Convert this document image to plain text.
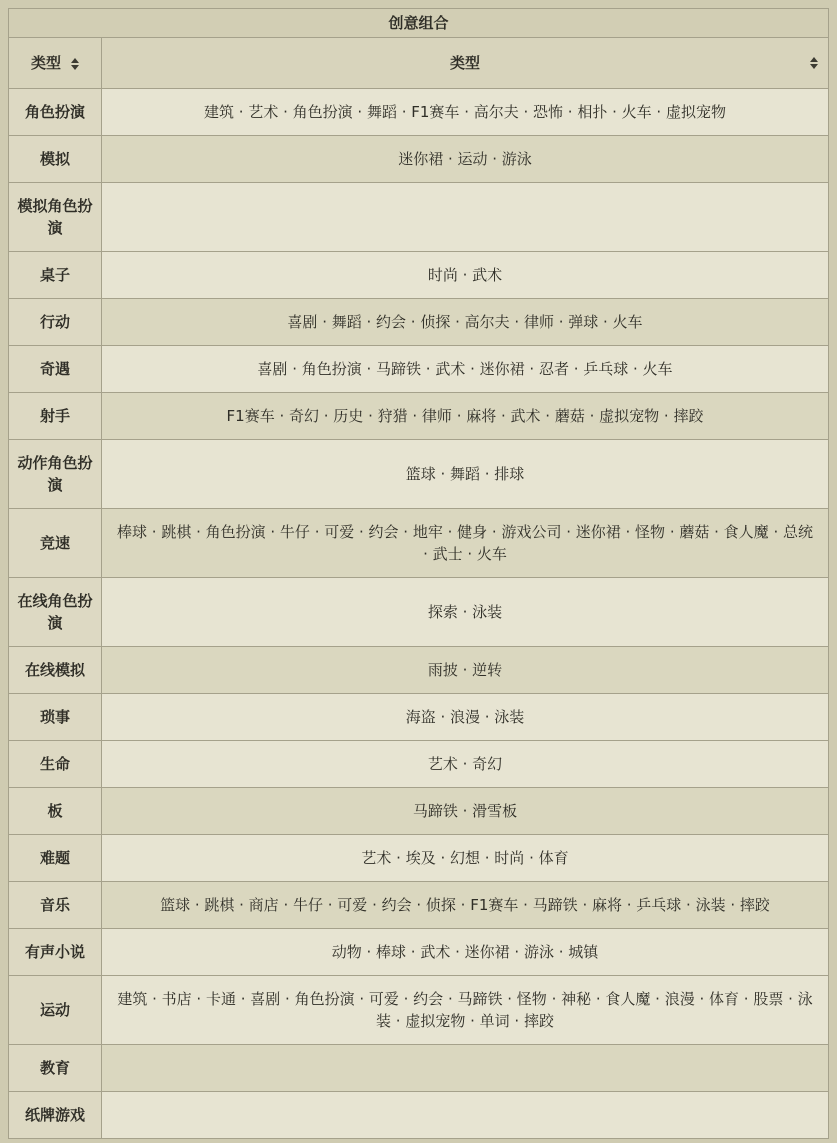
创意组合	
类型	类型

角色扮演	建筑 · 艺术 · 角色扮演 · 舞蹈 · F1赛车 · 高尔夫 · 恐怖 · 相扑 · 火车 · 虚拟宠物
模拟	迷你裙 · 运动 · 游泳
模拟角色扮演	
桌子	时尚 · 武术
行动	喜剧 · 舞蹈 · 约会 · 侦探 · 高尔夫 · 律师 · 弹球 · 火车
奇遇	喜剧 · 角色扮演 · 马蹄铁 · 武术 · 迷你裙 · 忍者 · 乒乓球 · 火车
射手	F1赛车 · 奇幻 · 历史 · 狩猎 · 律师 · 麻将 · 武术 · 蘑菇 · 虚拟宠物 · 摔跤
动作角色扮演	篮球 · 舞蹈 · 排球
竞速	棒球 · 跳棋 · 角色扮演 · 牛仔 · 可爱 · 约会 · 地牢 · 健身 · 游戏公司 · 迷你裙 · 怪物 · 蘑菇 · 食人魔 · 总统 · 武士 · 火车
在线角色扮演	探索 · 泳装
在线模拟	雨披 · 逆转
琐事	海盗 · 浪漫 · 泳装
生命	艺术 · 奇幻
板	马蹄铁 · 滑雪板
难题	艺术 · 埃及 · 幻想 · 时尚 · 体育
音乐	篮球 · 跳棋 · 商店 · 牛仔 · 可爱 · 约会 · 侦探 · F1赛车 · 马蹄铁 · 麻将 · 乒乓球 · 泳装 · 摔跤
有声小说	动物 · 棒球 · 武术 · 迷你裙 · 游泳 · 城镇
运动	建筑 · 书店 · 卡通 · 喜剧 · 角色扮演 · 可爱 · 约会 · 马蹄铁 · 怪物 · 神秘 · 食人魔 · 浪漫 · 体育 · 股票 · 泳装 · 虚拟宠物 · 单词 · 摔跤
教育	
纸牌游戏	
